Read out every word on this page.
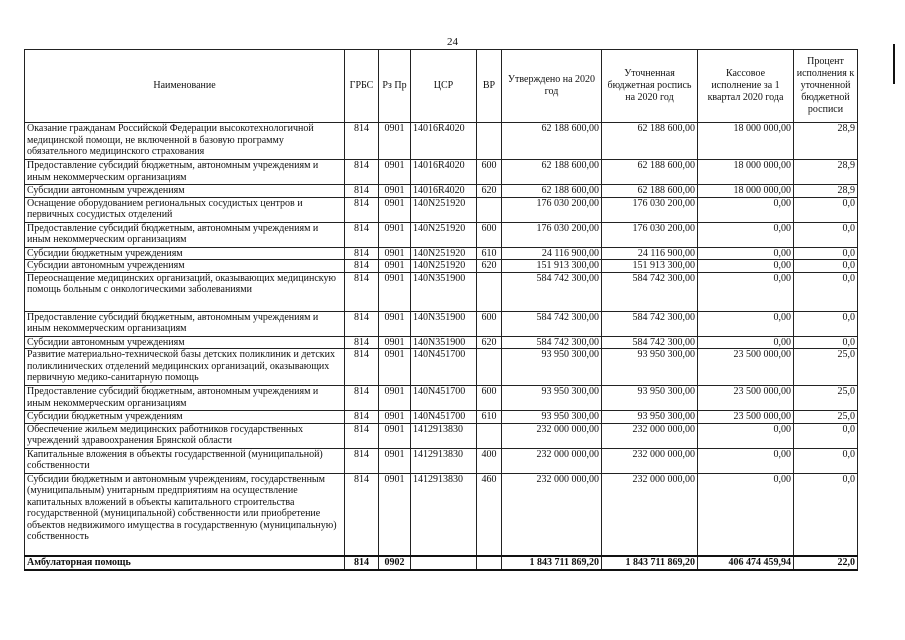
24
Наименование	ГРБС	Рз Пр	ЦСР	ВР	Утверждено на 2020 год	Уточненная бюджетная роспись на 2020 год	Кассовое исполнение за 1 квартал 2020 года	Процент исполнения к уточненной бюджетной росписи
Оказание гражданам Российской Федерации высокотехнологичной медицинской помощи, не включенной в базовую программу обязательного медицинского страхования	814	0901	14016R4020		62 188 600,00	62 188 600,00	18 000 000,00	28,9
Предоставление субсидий бюджетным, автономным учреждениям и иным некоммерческим организациям	814	0901	14016R4020	600	62 188 600,00	62 188 600,00	18 000 000,00	28,9
Субсидии автономным учреждениям	814	0901	14016R4020	620	62 188 600,00	62 188 600,00	18 000 000,00	28,9
Оснащение оборудованием региональных сосудистых центров и первичных сосудистых отделений	814	0901	140N251920		176 030 200,00	176 030 200,00	0,00	0,0
Предоставление субсидий бюджетным, автономным учреждениям и иным некоммерческим организациям	814	0901	140N251920	600	176 030 200,00	176 030 200,00	0,00	0,0
Субсидии бюджетным учреждениям	814	0901	140N251920	610	24 116 900,00	24 116 900,00	0,00	0,0
Субсидии автономным учреждениям	814	0901	140N251920	620	151 913 300,00	151 913 300,00	0,00	0,0
Переоснащение медицинских организаций, оказывающих медицинскую помощь больным с онкологическими заболеваниями	814	0901	140N351900		584 742 300,00	584 742 300,00	0,00	0,0
Предоставление субсидий бюджетным, автономным учреждениям и иным некоммерческим организациям	814	0901	140N351900	600	584 742 300,00	584 742 300,00	0,00	0,0
Субсидии автономным учреждениям	814	0901	140N351900	620	584 742 300,00	584 742 300,00	0,00	0,0
Развитие материально-технической базы детских поликлиник и детских поликлинических отделений медицинских организаций, оказывающих первичную медико-санитарную помощь	814	0901	140N451700		93 950 300,00	93 950 300,00	23 500 000,00	25,0
Предоставление субсидий бюджетным, автономным учреждениям и иным некоммерческим организациям	814	0901	140N451700	600	93 950 300,00	93 950 300,00	23 500 000,00	25,0
Субсидии бюджетным учреждениям	814	0901	140N451700	610	93 950 300,00	93 950 300,00	23 500 000,00	25,0
Обеспечение жильем медицинских работников государственных учреждений здравоохранения Брянской области	814	0901	1412913830		232 000 000,00	232 000 000,00	0,00	0,0
Капитальные вложения в объекты государственной (муниципальной) собственности	814	0901	1412913830	400	232 000 000,00	232 000 000,00	0,00	0,0
Субсидии бюджетным и автономным учреждениям, государственным (муниципальным) унитарным предприятиям на осуществление капитальных вложений в объекты капитального строительства государственной (муниципальной) собственности или приобретение объектов недвижимого имущества в государственную (муниципальную) собственность	814	0901	1412913830	460	232 000 000,00	232 000 000,00	0,00	0,0
Амбулаторная помощь	814	0902			1 843 711 869,20	1 843 711 869,20	406 474 459,94	22,0
